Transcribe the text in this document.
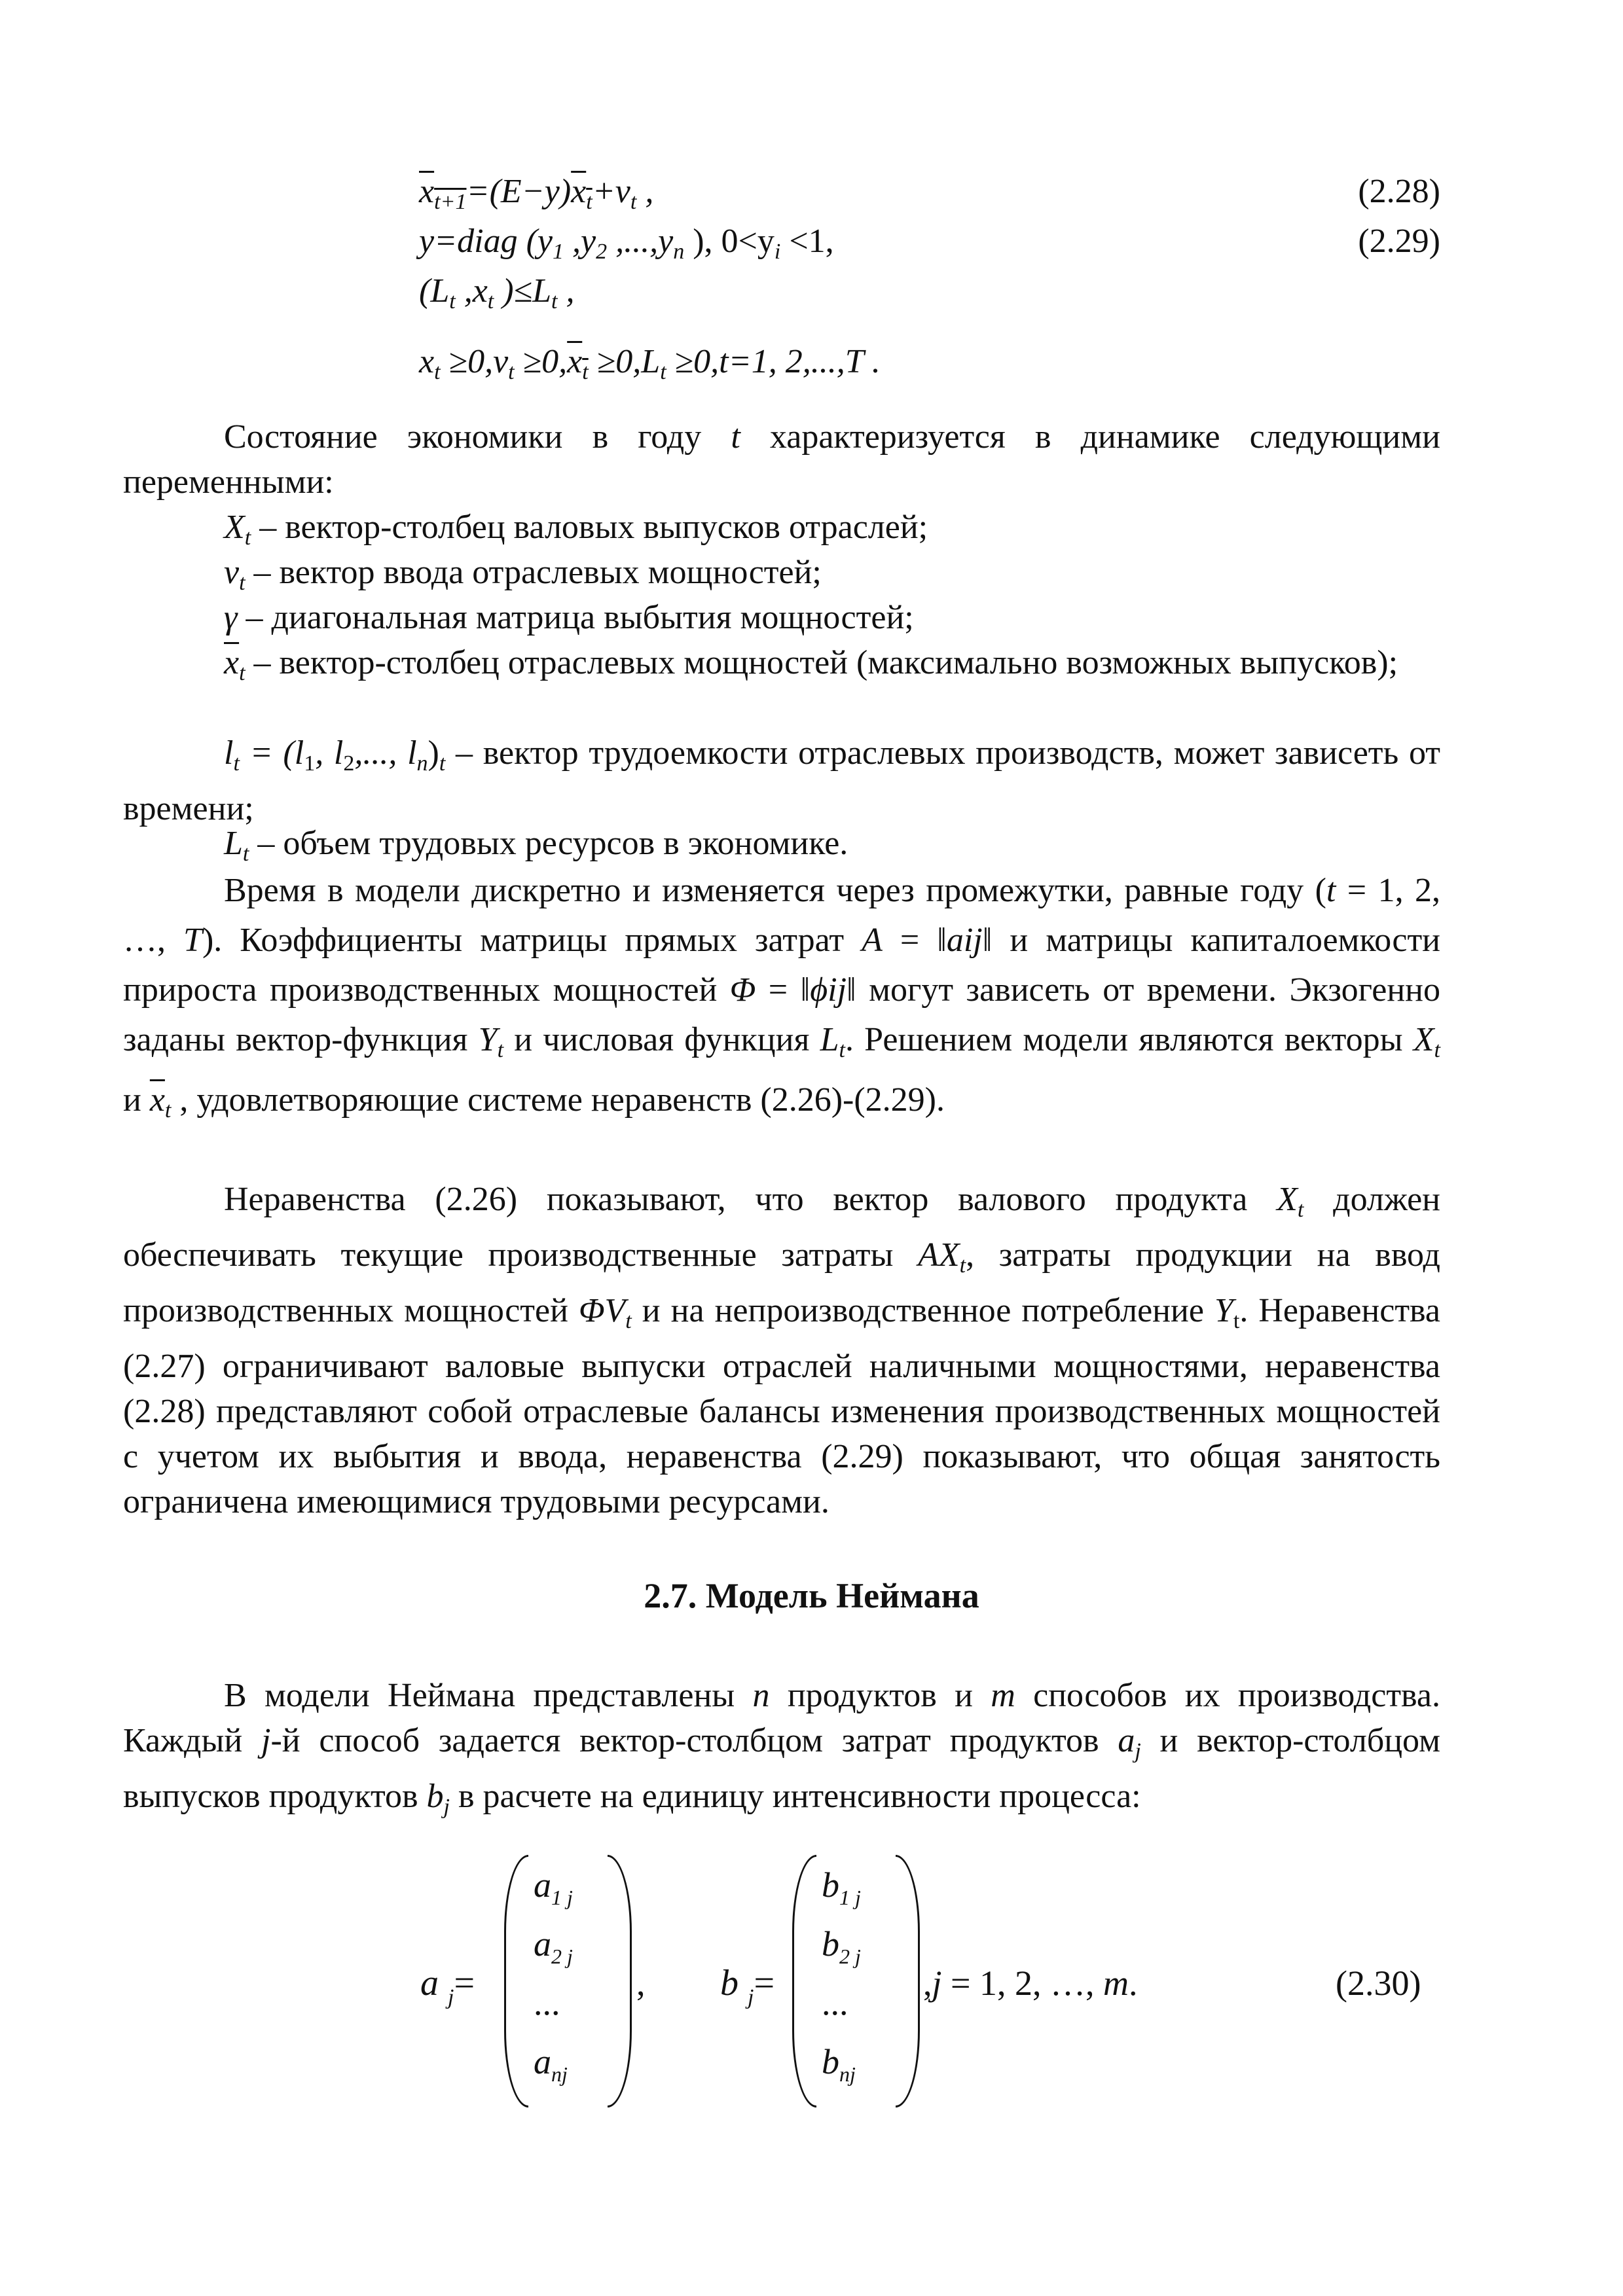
$x_{t+1}=(E-y)x_t+v_t$ ,	(2.28)
y=diag ($y_1$ $,y_2$ $,...,y_n$ ), $0<y_i <1$,	(2.29)
($L_t$ $,x_t$ )$\le L_t$ ,
$x_t \ge 0,v_t \ge 0,x_t \ge 0,L_t \ge 0,t=1$, 2,...,T .
Состояние экономики в году t характеризуется в динамике следующими переменными:
$X_t$ – вектор-столбец валовых выпусков отраслей;
$v_t$ – вектор ввода отраслевых мощностей;
γ – диагональная матрица выбытия мощностей;
$\overline{x}_t$ – вектор-столбец отраслевых мощностей (максимально возможных выпусков);
$l_t = (l_1$, $l_2$,..., $l_n)_t$ – вектор трудоемкости отраслевых производств, может зависеть от времени;
$L_t$ – объем трудовых ресурсов в экономике.
Время в модели дискретно и изменяется через промежутки, равные году (t = 1, 2, …, T). Коэффициенты матрицы прямых затрат A = ‖aij‖ и матрицы капиталоемкости прироста производственных мощностей Φ = ‖ϕij‖ могут зависеть от времени. Экзогенно заданы вектор-функция $Y_t$ и числовая функция $L_t$. Решением модели являются векторы $X_t$ и $\overline{x}_t$ , удовлетворяющие системе неравенств (2.26)-(2.29).
Неравенства (2.26) показывают, что вектор валового продукта $X_t$ должен обеспечивать текущие производственные затраты $AX_t$, затраты продукции на ввод производственных мощностей $\Phi V_t$ и на непроизводственное потребление $Y_t$. Неравенства (2.27) ограничивают валовые выпуски отраслей наличными мощностями, неравенства (2.28) представляют собой отраслевые балансы изменения производственных мощностей с учетом их выбытия и ввода, неравенства (2.29) показывают, что общая занятость ограничена имеющимися трудовыми ресурсами.
2.7. Модель Неймана
В модели Неймана представлены n продуктов и m способов их производства. Каждый j-й способ задается вектор-столбцом затрат продуктов $a_j$ и вектор-столбцом выпусков продуктов $b_j$ в расчете на единицу интенсивности процесса:
a $_j$=
$a_{1 j}$
$a_{2 j}$
...
$a_{nj}$
, b $_j$=
$b_{1 j}$
$b_{2 j}$
...
$b_{nj}$
,j = 1, 2, …, m.	(2.30)
